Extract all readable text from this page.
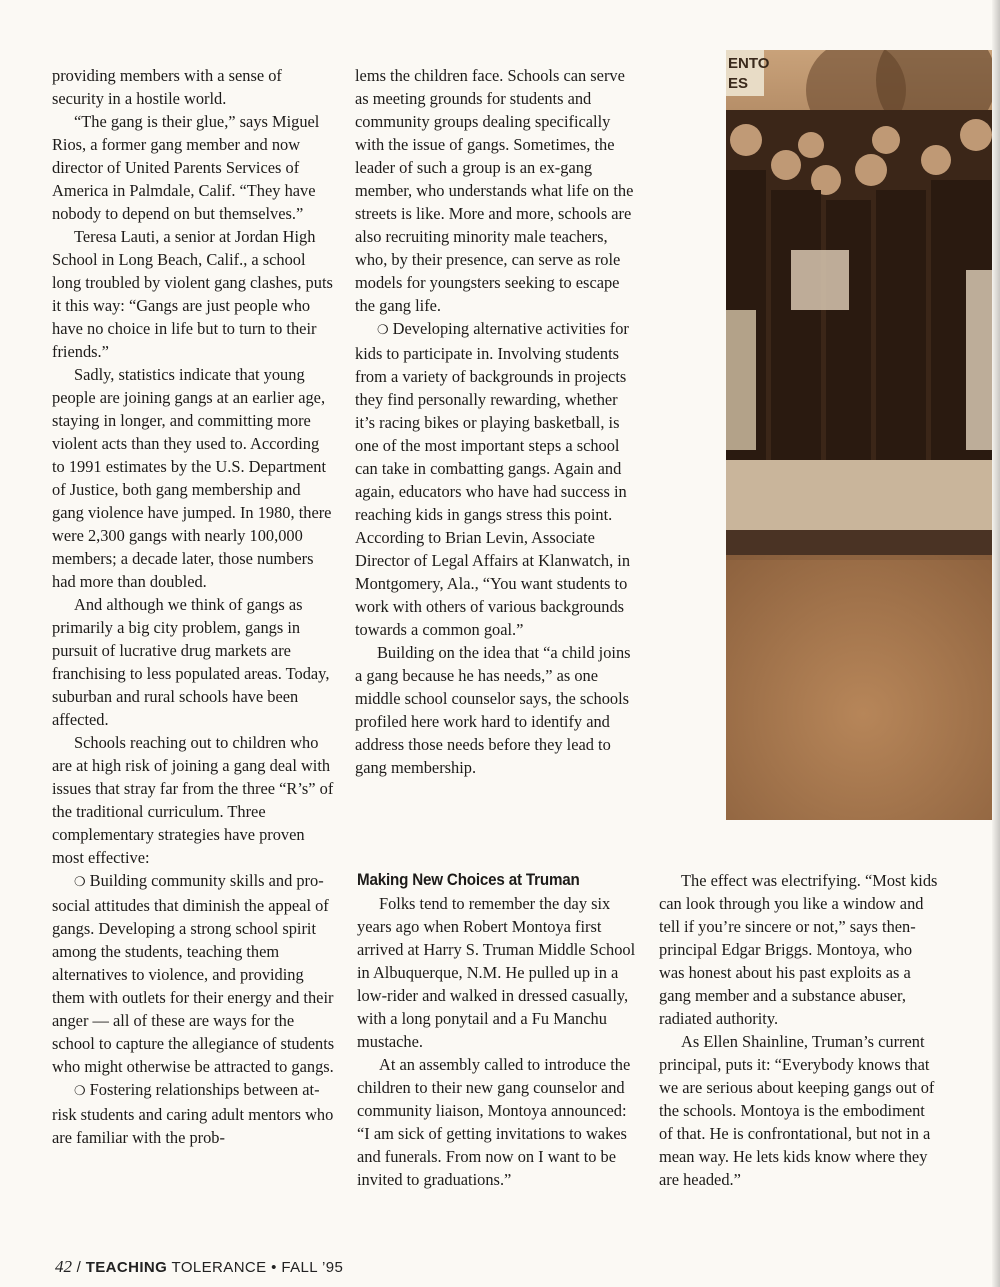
providing members with a sense of security in a hostile world.

“The gang is their glue,” says Miguel Rios, a former gang member and now director of United Parents Services of America in Palmdale, Calif. “They have nobody to depend on but themselves.”

Teresa Lauti, a senior at Jordan High School in Long Beach, Calif., a school long troubled by violent gang clashes, puts it this way: “Gangs are just people who have no choice in life but to turn to their friends.”

Sadly, statistics indicate that young people are joining gangs at an earlier age, staying in longer, and committing more violent acts than they used to. According to 1991 estimates by the U.S. Department of Justice, both gang membership and gang violence have jumped. In 1980, there were 2,300 gangs with nearly 100,000 members; a decade later, those numbers had more than doubled.

And although we think of gangs as primarily a big city problem, gangs in pursuit of lucrative drug markets are franchising to less populated areas. Today, suburban and rural schools have been affected.

Schools reaching out to children who are at high risk of joining a gang deal with issues that stray far from the three “R’s” of the traditional curriculum. Three complementary strategies have proven most effective:

❍ Building community skills and pro-social attitudes that diminish the appeal of gangs. Developing a strong school spirit among the students, teaching them alternatives to violence, and providing them with outlets for their energy and their anger — all of these are ways for the school to capture the allegiance of students who might otherwise be attracted to gangs.

❍ Fostering relationships between at-risk students and caring adult mentors who are familiar with the prob-

lems the children face. Schools can serve as meeting grounds for students and community groups dealing specifically with the issue of gangs. Sometimes, the leader of such a group is an ex-gang member, who understands what life on the streets is like. More and more, schools are also recruiting minority male teachers, who, by their presence, can serve as role models for youngsters seeking to escape the gang life.

❍ Developing alternative activities for kids to participate in. Involving students from a variety of backgrounds in projects they find personally rewarding, whether it’s racing bikes or playing basketball, is one of the most important steps a school can take in combatting gangs. Again and again, educators who have had success in reaching kids in gangs stress this point. According to Brian Levin, Associate Director of Legal Affairs at Klanwatch, in Montgomery, Ala., “You want students to work with others of various backgrounds towards a common goal.”

Building on the idea that “a child joins a gang because he has needs,” as one middle school counselor says, the schools profiled here work hard to identify and address those needs before they lead to gang membership.

Making New Choices at Truman

Folks tend to remember the day six years ago when Robert Montoya first arrived at Harry S. Truman Middle School in Albuquerque, N.M. He pulled up in a low-rider and walked in dressed casually, with a long ponytail and a Fu Manchu mustache.

At an assembly called to introduce the children to their new gang counselor and community liaison, Montoya announced: “I am sick of getting invitations to wakes and funerals. From now on I want to be invited to graduations.”

The effect was electrifying. “Most kids can look through you like a window and tell if you’re sincere or not,” says then-principal Edgar Briggs. Montoya, who was honest about his past exploits as a gang member and a substance abuser, radiated authority.

As Ellen Shainline, Truman’s current principal, puts it: “Everybody knows that we are serious about keeping gangs out of the schools. Montoya is the embodiment of that. He is confrontational, but not in a mean way. He lets kids know where they are headed.”

ENTO
ES
42 / TEACHING TOLERANCE • FALL ’95
